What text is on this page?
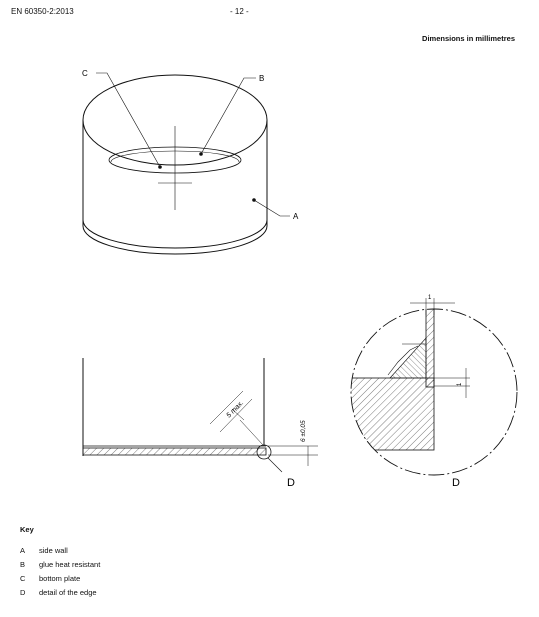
EN 60350-2:2013	- 12 -
Dimensions in millimetres
C
B
A
5 max.
6 ±0,05
D
1
1
D
Key
A	side wall
B	glue heat resistant
C	bottom plate
D	detail of the edge
